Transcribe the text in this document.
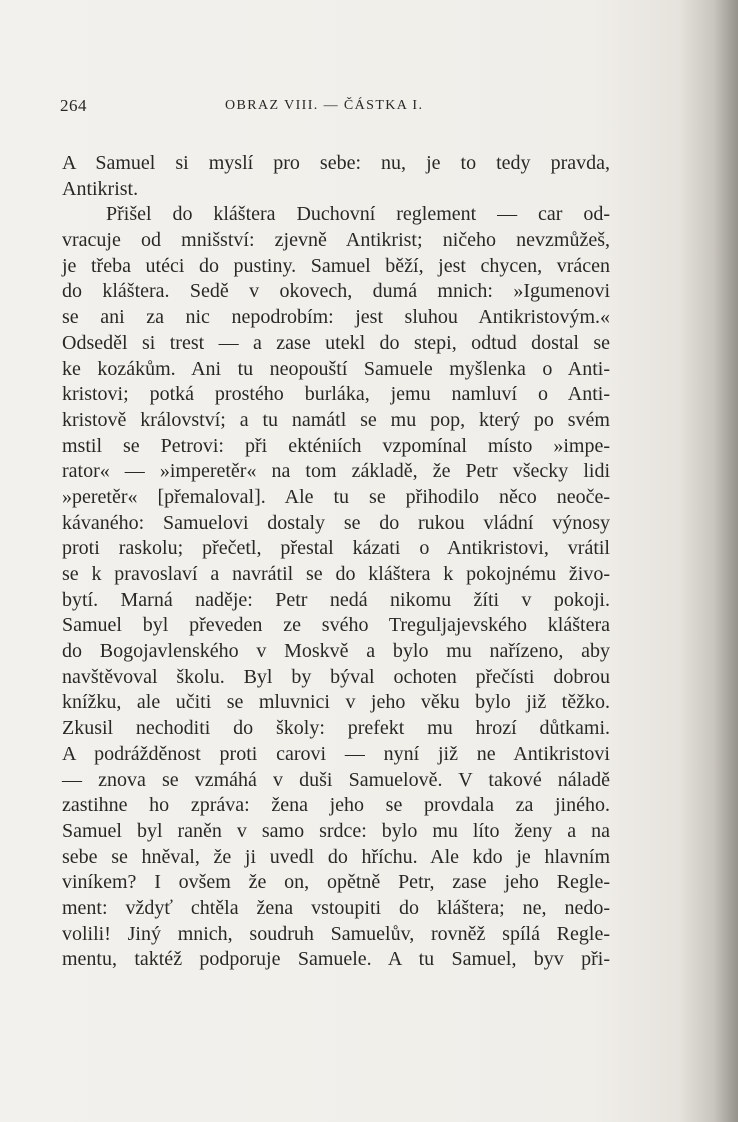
264	OBRAZ VIII. — ČÁSTKA I.
A Samuel si myslí pro sebe: nu, je to tedy pravda,
Antikrist.
Přišel do kláštera Duchovní reglement — car od-
vracuje od mnišství: zjevně Antikrist; ničeho nevzmůžeš,
je třeba utéci do pustiny. Samuel běží, jest chycen, vrácen
do kláštera. Sedě v okovech, dumá mnich: »Igumenovi
se ani za nic nepodrobím: jest sluhou Antikristovým.«
Odseděl si trest — a zase utekl do stepi, odtud dostal se
ke kozákům. Ani tu neopouští Samuele myšlenka o Anti-
kristovi; potká prostého burláka, jemu namluví o Anti-
kristově království; a tu namátl se mu pop, který po svém
mstil se Petrovi: při ekténiích vzpomínal místo »impe-
rator« — »imperetěr« na tom základě, že Petr všecky lidi
»peretěr« [přemaloval]. Ale tu se přihodilo něco neoče-
kávaného: Samuelovi dostaly se do rukou vládní výnosy
proti raskolu; přečetl, přestal kázati o Antikristovi, vrátil
se k pravoslaví a navrátil se do kláštera k pokojnému živo-
bytí. Marná naděje: Petr nedá nikomu žíti v pokoji.
Samuel byl převeden ze svého Treguljajevského kláštera
do Bogojavlenského v Moskvě a bylo mu nařízeno, aby
navštěvoval školu. Byl by býval ochoten přečísti dobrou
knížku, ale učiti se mluvnici v jeho věku bylo již těžko.
Zkusil nechoditi do školy: prefekt mu hrozí důtkami.
A podrážděnost proti carovi — nyní již ne Antikristovi
— znova se vzmáhá v duši Samuelově. V takové náladě
zastihne ho zpráva: žena jeho se provdala za jiného.
Samuel byl raněn v samo srdce: bylo mu líto ženy a na
sebe se hněval, že ji uvedl do hříchu. Ale kdo je hlavním
viníkem? I ovšem že on, opětně Petr, zase jeho Regle-
ment: vždyť chtěla žena vstoupiti do kláštera; ne, nedo-
volili! Jiný mnich, soudruh Samuelův, rovněž spílá Regle-
mentu, taktéž podporuje Samuele. A tu Samuel, byv při-
